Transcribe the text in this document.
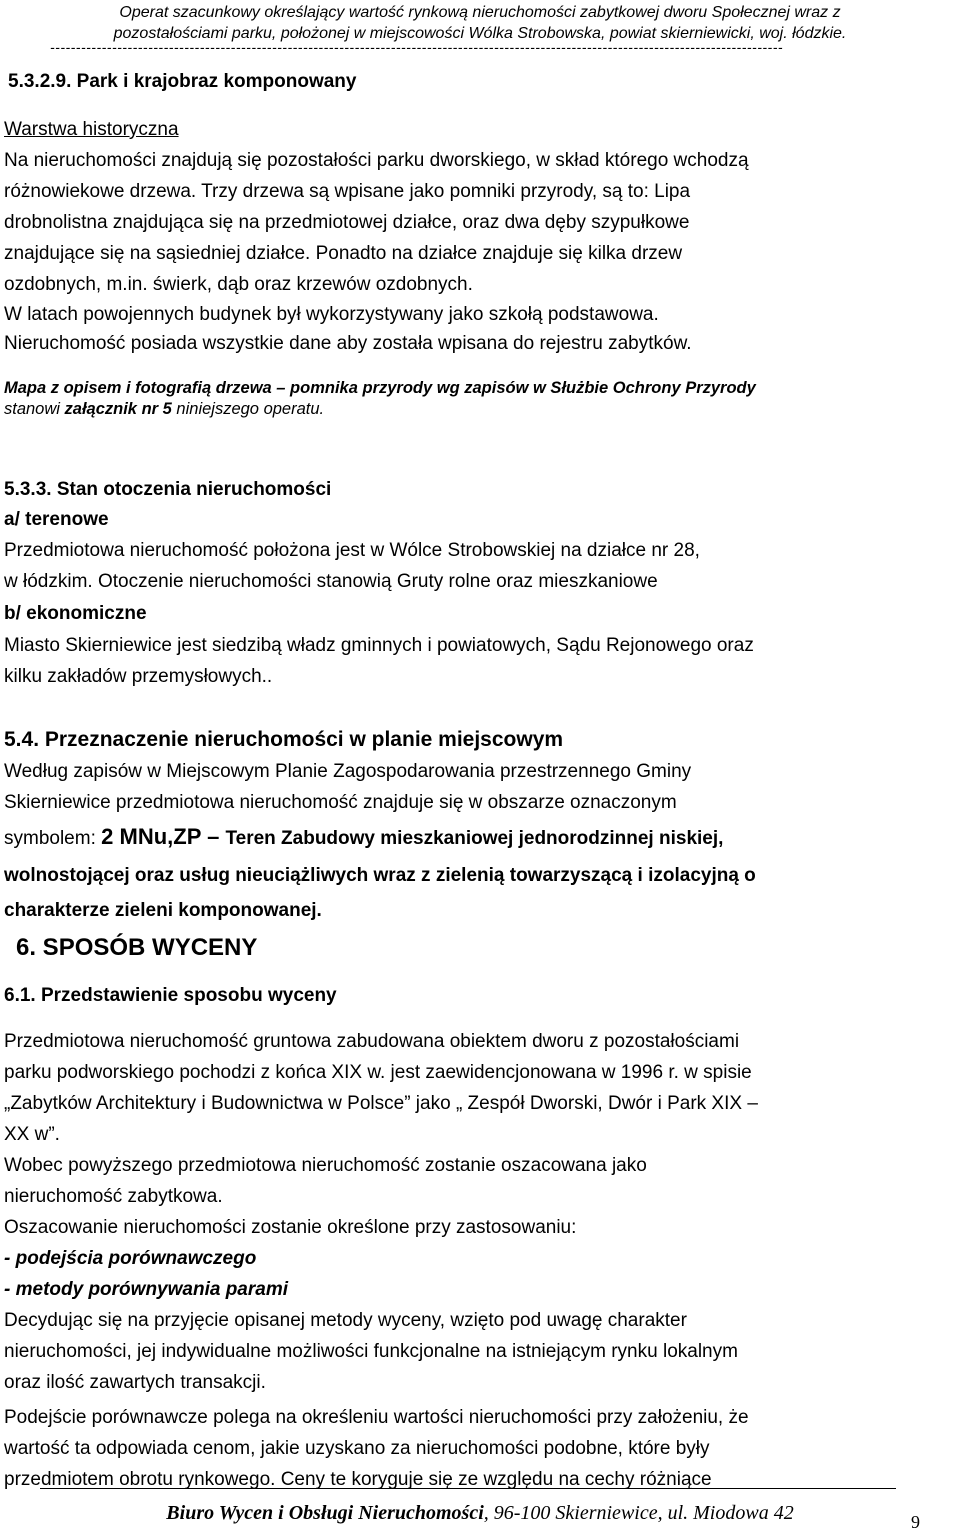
Operat szacunkowy określający wartość rynkową nieruchomości zabytkowej dworu Społecznej wraz z
pozostałościami parku, położonej w miejscowości Wólka Strobowska, powiat skierniewicki, woj. łódzkie.
----------------------------------------------------------------------------------------------------------------------------------------------
5.3.2.9. Park i krajobraz komponowany
Warstwa historyczna
Na nieruchomości znajdują się pozostałości parku dworskiego, w skład którego wchodzą
różnowiekowe drzewa. Trzy drzewa są wpisane jako pomniki przyrody, są to: Lipa
drobnolistna znajdująca się na przedmiotowej działce, oraz dwa dęby szypułkowe
znajdujące się na sąsiedniej działce. Ponadto na działce znajduje się kilka drzew
ozdobnych, m.in. świerk, dąb oraz krzewów ozdobnych.
W latach powojennych budynek był wykorzystywany jako szkołą podstawowa.
Nieruchomość posiada wszystkie dane aby została wpisana do rejestru zabytków.
Mapa z opisem i fotografią drzewa – pomnika przyrody wg zapisów w Służbie Ochrony Przyrody
stanowi załącznik nr 5 niniejszego operatu.
5.3.3. Stan otoczenia nieruchomości
a/ terenowe
Przedmiotowa nieruchomość położona jest w Wólce Strobowskiej na działce nr 28,
w łódzkim. Otoczenie nieruchomości stanowią Gruty rolne oraz mieszkaniowe
b/ ekonomiczne
Miasto Skierniewice jest siedzibą władz gminnych i powiatowych, Sądu Rejonowego oraz
kilku zakładów przemysłowych..
5.4. Przeznaczenie nieruchomości w planie miejscowym
Według zapisów w Miejscowym Planie Zagospodarowania przestrzennego Gminy
Skierniewice przedmiotowa nieruchomość znajduje się w obszarze oznaczonym
symbolem: 2 MNu,ZP – Teren Zabudowy mieszkaniowej jednorodzinnej niskiej,
wolnostojącej oraz usług nieuciążliwych wraz z zielenią towarzyszącą i izolacyjną o
charakterze zieleni komponowanej.
6. SPOSÓB WYCENY
6.1. Przedstawienie sposobu wyceny
Przedmiotowa nieruchomość gruntowa zabudowana obiektem dworu z pozostałościami
parku podworskiego pochodzi z końca XIX w. jest zaewidencjonowana w 1996 r. w spisie
„Zabytków Architektury i Budownictwa w Polsce” jako „ Zespół Dworski, Dwór i Park XIX –
XX w”.
Wobec powyższego przedmiotowa nieruchomość zostanie oszacowana jako
nieruchomość zabytkowa.
Oszacowanie nieruchomości zostanie określone przy zastosowaniu:
- podejścia porównawczego
- metody porównywania parami
Decydując się na przyjęcie opisanej metody wyceny, wzięto pod uwagę charakter
nieruchomości, jej indywidualne możliwości funkcjonalne na istniejącym rynku lokalnym
oraz ilość zawartych transakcji.
Podejście porównawcze polega na określeniu wartości nieruchomości przy założeniu, że
wartość ta odpowiada cenom, jakie uzyskano za nieruchomości podobne, które były
przedmiotem obrotu rynkowego. Ceny te koryguje się ze względu na cechy różniące
Biuro Wycen i Obsługi Nieruchomości, 96-100 Skierniewice, ul. Miodowa 42	9
